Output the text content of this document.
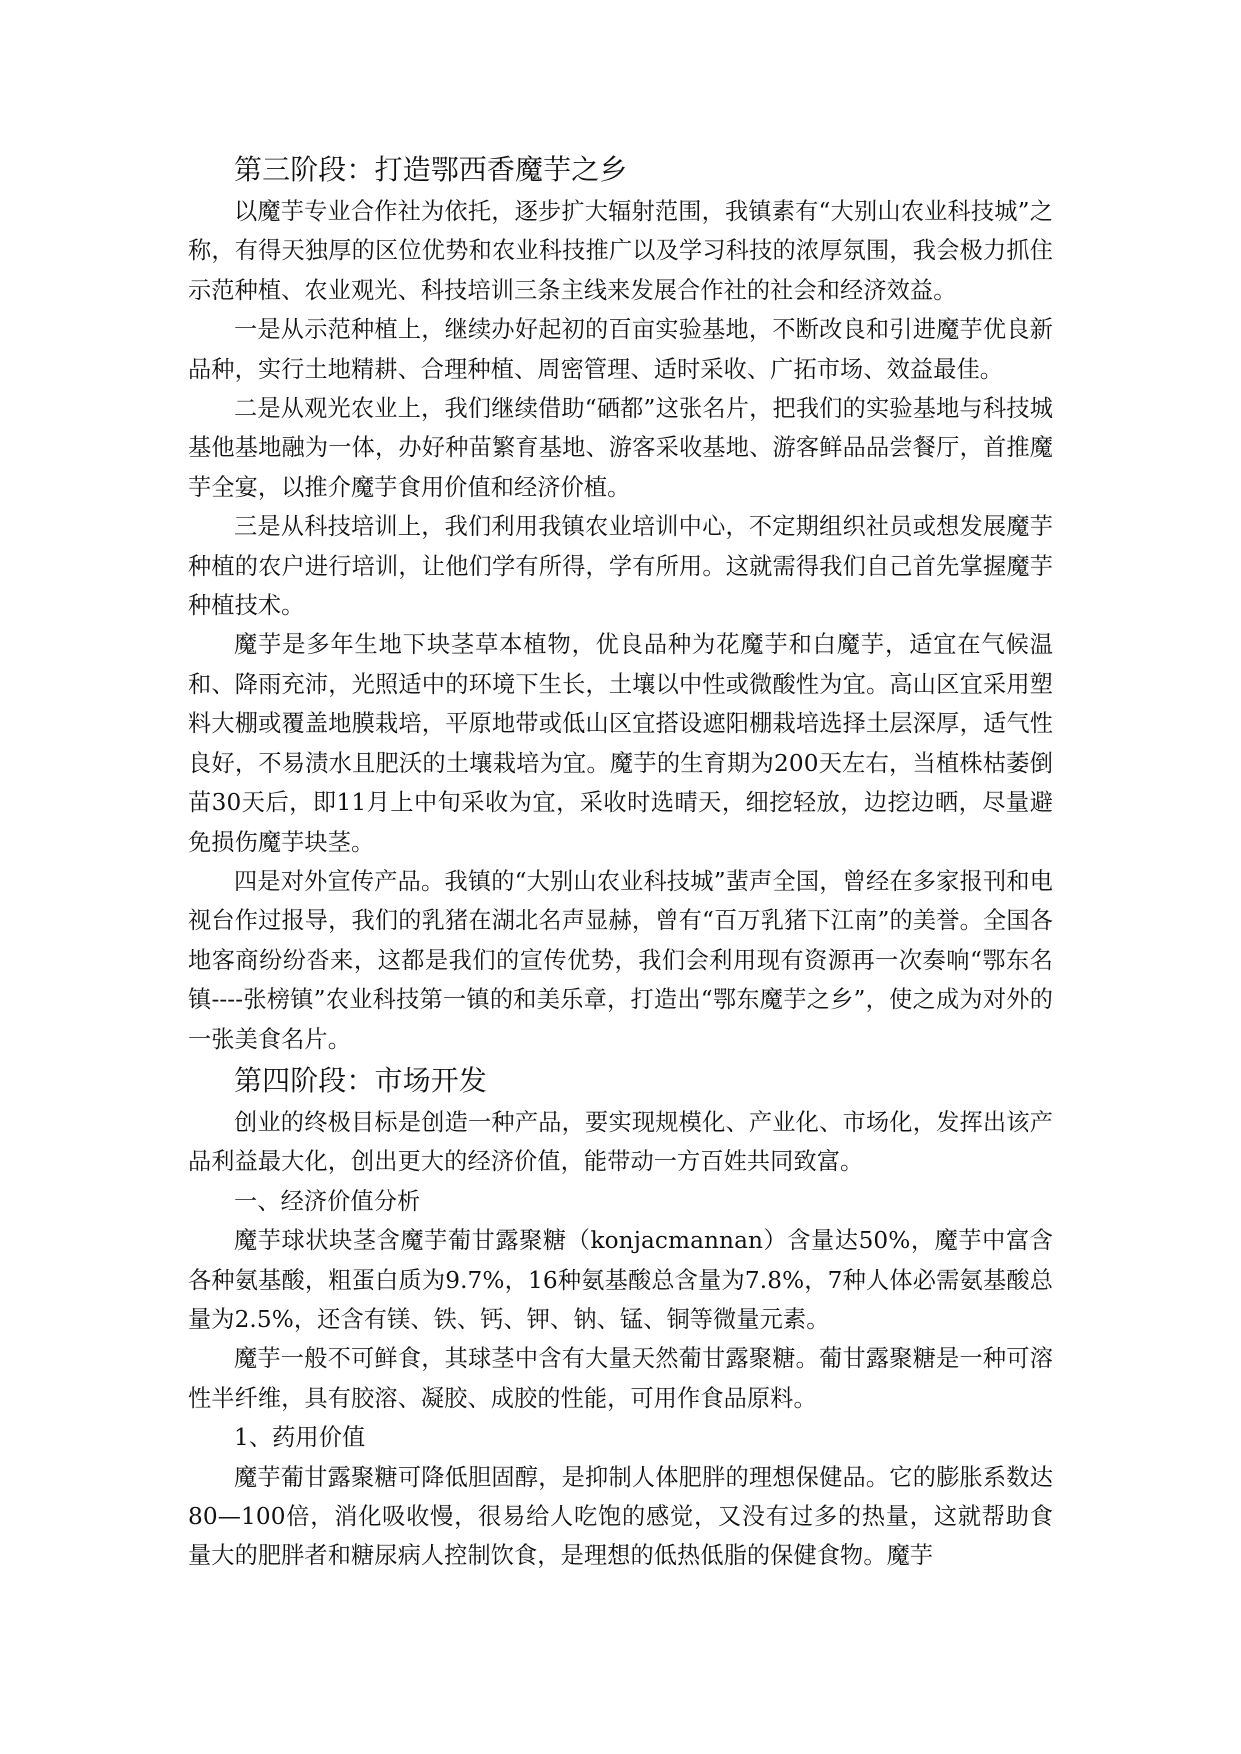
第三阶段：打造鄂西香魔芋之乡

以魔芋专业合作社为依托，逐步扩大辐射范围，我镇素有“大别山农业科技城”之称，有得天独厚的区位优势和农业科技推广以及学习科技的浓厚氛围，我会极力抓住示范种植、农业观光、科技培训三条主线来发展合作社的社会和经济效益。

一是从示范种植上，继续办好起初的百亩实验基地，不断改良和引进魔芋优良新品种，实行土地精耕、合理种植、周密管理、适时采收、广拓市场、效益最佳。

二是从观光农业上，我们继续借助“硒都”这张名片，把我们的实验基地与科技城基他基地融为一体，办好种苗繁育基地、游客采收基地、游客鲜品品尝餐厅，首推魔芋全宴，以推介魔芋食用价值和经济价植。

三是从科技培训上，我们利用我镇农业培训中心，不定期组织社员或想发展魔芋种植的农户进行培训，让他们学有所得，学有所用。这就需得我们自己首先掌握魔芋种植技术。

魔芋是多年生地下块茎草本植物，优良品种为花魔芋和白魔芋，适宜在气候温和、降雨充沛，光照适中的环境下生长，土壤以中性或微酸性为宜。高山区宜采用塑料大棚或覆盖地膜栽培，平原地带或低山区宜搭设遮阳棚栽培选择土层深厚，适气性良好，不易渍水且肥沃的土壤栽培为宜。魔芋的生育期为200天左右，当植株枯萎倒苗30天后，即11月上中旬采收为宜，采收时选晴天，细挖轻放，边挖边晒，尽量避免损伤魔芋块茎。

四是对外宣传产品。我镇的“大别山农业科技城”蜚声全国，曾经在多家报刊和电视台作过报导，我们的乳猪在湖北名声显赫，曾有“百万乳猪下江南”的美誉。全国各地客商纷纷沓来，这都是我们的宣传优势，我们会利用现有资源再一次奏响“鄂东名镇----张榜镇”农业科技第一镇的和美乐章，打造出“鄂东魔芋之乡”，使之成为对外的一张美食名片。

第四阶段：市场开发

创业的终极目标是创造一种产品，要实现规模化、产业化、市场化，发挥出该产品利益最大化，创出更大的经济价值，能带动一方百姓共同致富。

一、经济价值分析

魔芋球状块茎含魔芋葡甘露聚糖（konjacmannan）含量达50%，魔芋中富含各种氨基酸，粗蛋白质为9.7%，16种氨基酸总含量为7.8%，7种人体必需氨基酸总量为2.5%，还含有镁、铁、钙、钾、钠、锰、铜等微量元素。

魔芋一般不可鲜食，其球茎中含有大量天然葡甘露聚糖。葡甘露聚糖是一种可溶性半纤维，具有胶溶、凝胶、成胶的性能，可用作食品原料。

1、药用价值

魔芋葡甘露聚糖可降低胆固醇，是抑制人体肥胖的理想保健品。它的膨胀系数达80—100倍，消化吸收慢，很易给人吃饱的感觉，又没有过多的热量，这就帮助食量大的肥胖者和糖尿病人控制饮食，是理想的低热低脂的保健食物。魔芋
